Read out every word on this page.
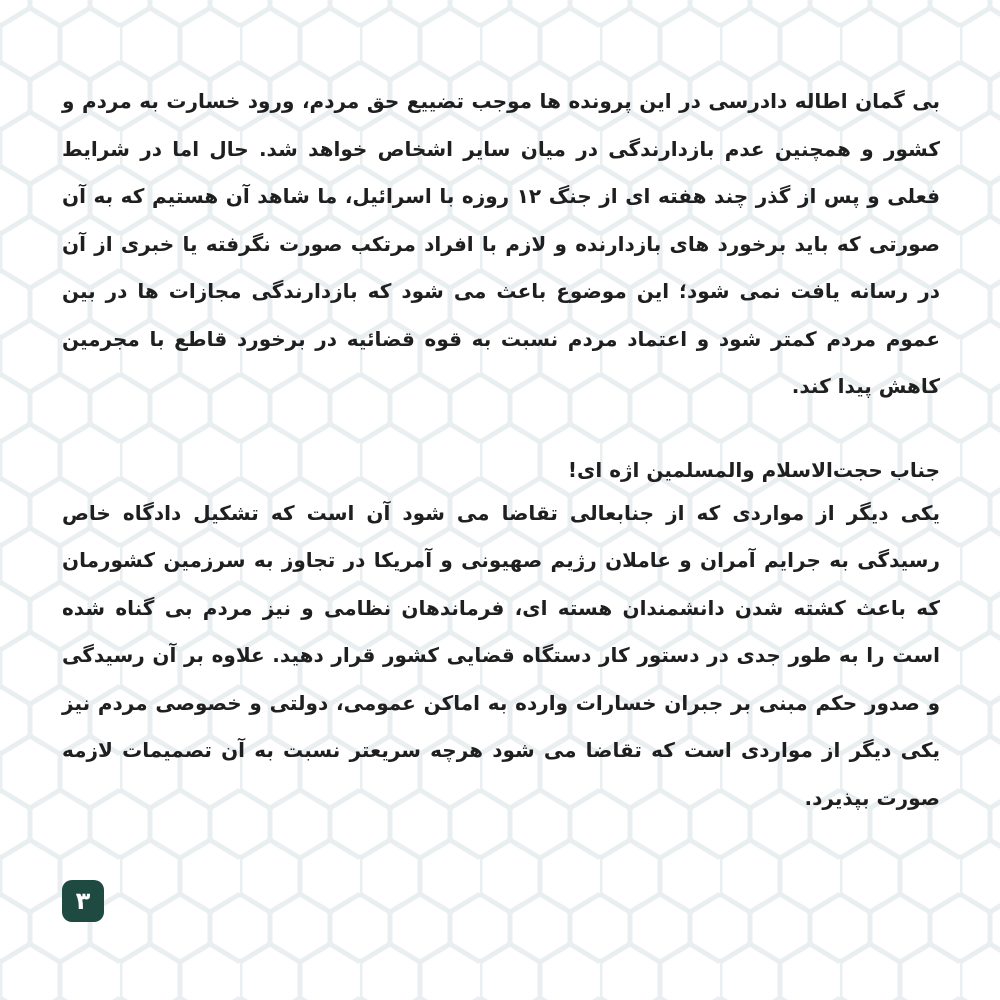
بی گمان اطاله دادرسی در این پرونده ها موجب تضییع حق مردم، ورود خسارت به مردم و کشور و همچنین عدم بازدارندگی در میان سایر اشخاص خواهد شد. حال اما در شرایط فعلی و پس از گذر چند هفته ای از جنگ ۱۲ روزه با اسرائیل، ما شاهد آن هستیم که به آن صورتی که باید برخورد های بازدارنده و لازم با افراد مرتکب صورت نگرفته یا خبری از آن در رسانه یافت نمی شود؛ این موضوع باعث می شود که بازدارندگی مجازات ها در بین عموم مردم کمتر شود و اعتماد مردم نسبت به قوه قضائیه در برخورد قاطع با مجرمین کاهش پیدا کند.

جناب حجت‌الاسلام والمسلمین اژه ای!

یکی دیگر از مواردی که از جنابعالی تقاضا می شود آن است که تشکیل دادگاه خاص رسیدگی به جرایم آمران و عاملان رژیم صهیونی و آمریکا در تجاوز به سرزمین کشورمان که باعث کشته شدن دانشمندان هسته ای، فرماندهان نظامی و نیز مردم بی گناه شده است را به طور جدی در دستور کار دستگاه قضایی کشور قرار دهید. علاوه بر آن رسیدگی و صدور حکم مبنی بر جبران خسارات وارده به اماکن عمومی، دولتی و خصوصی مردم نیز یکی دیگر از مواردی است که تقاضا می شود هرچه سریعتر نسبت به آن تصمیمات لازمه صورت بپذیرد.

۳
